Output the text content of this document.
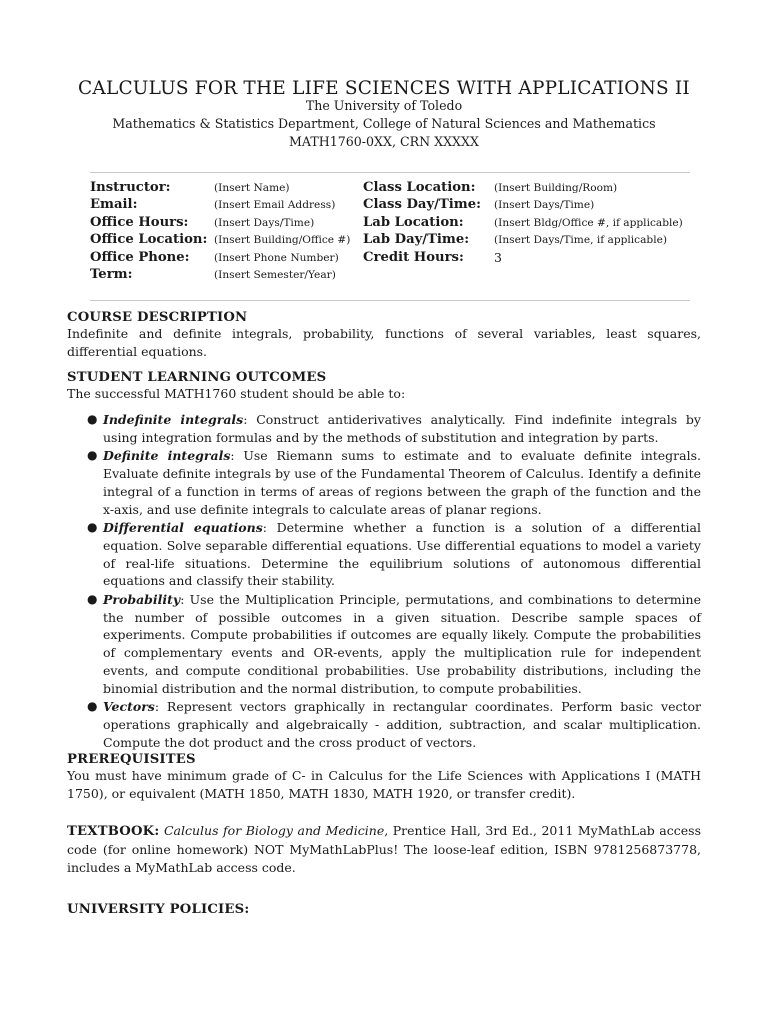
CALCULUS FOR THE LIFE SCIENCES WITH APPLICATIONS II
The University of Toledo
Mathematics & Statistics Department, College of Natural Sciences and Mathematics
MATH1760-0XX, CRN XXXXX
Instructor:	(Insert Name)	Class Location: (Insert Building/Room)
Email:	(Insert Email Address) Class Day/Time: (Insert Days/Time)
Office Hours: (Insert Days/Time)	Lab Location:	(Insert Bldg/Office #, if applicable)
Office Location: (Insert Building/Office #) Lab Day/Time: (Insert Days/Time, if applicable)
Office Phone: (Insert Phone Number) Credit Hours: 3
Term:	(Insert Semester/Year)
COURSE DESCRIPTION
Indefinite and definite integrals, probability, functions of several variables, least squares, differential equations.
STUDENT LEARNING OUTCOMES
The successful MATH1760 student should be able to:
● Indefinite integrals: Construct antiderivatives analytically. Find indefinite integrals by using integration formulas and by the methods of substitution and integration by parts.
● Definite integrals: Use Riemann sums to estimate and to evaluate definite integrals. Evaluate definite integrals by use of the Fundamental Theorem of Calculus. Identify a definite integral of a function in terms of areas of regions between the graph of the function and the x-axis, and use definite integrals to calculate areas of planar regions.
● Differential equations: Determine whether a function is a solution of a differential equation. Solve separable differential equations. Use differential equations to model a variety of real-life situations. Determine the equilibrium solutions of autonomous differential equations and classify their stability.
● Probability: Use the Multiplication Principle, permutations, and combinations to determine the number of possible outcomes in a given situation. Describe sample spaces of experiments. Compute probabilities if outcomes are equally likely. Compute the probabilities of complementary events and OR-events, apply the multiplication rule for independent events, and compute conditional probabilities. Use probability distributions, including the binomial distribution and the normal distribution, to compute probabilities.
● Vectors: Represent vectors graphically in rectangular coordinates. Perform basic vector operations graphically and algebraically - addition, subtraction, and scalar multiplication. Compute the dot product and the cross product of vectors.
PREREQUISITES
You must have minimum grade of C- in Calculus for the Life Sciences with Applications I (MATH 1750), or equivalent (MATH 1850, MATH 1830, MATH 1920, or transfer credit).
TEXTBOOK: Calculus for Biology and Medicine, Prentice Hall, 3rd Ed., 2011 MyMathLab access code (for online homework) NOT MyMathLabPlus! The loose-leaf edition, ISBN 9781256873778, includes a MyMathLab access code.
UNIVERSITY POLICIES:
